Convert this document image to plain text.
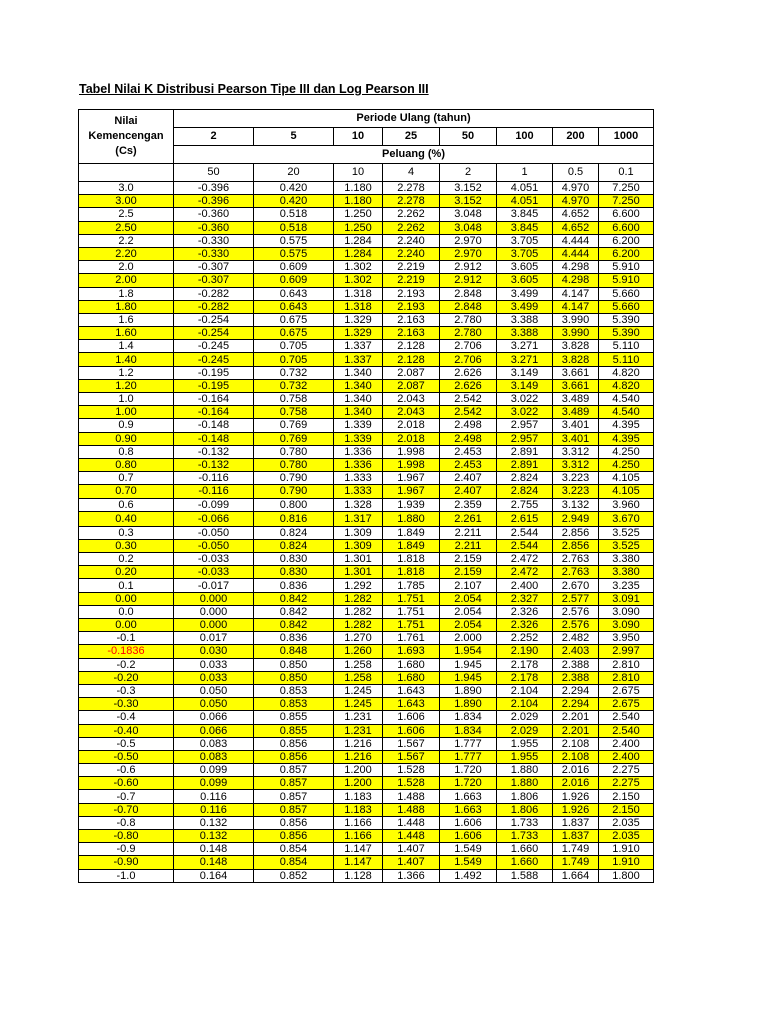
Tabel Nilai K Distribusi Pearson Tipe III dan Log Pearson III
Nilai
Kemencengan
(Cs)	Periode Ulang (tahun)							
	2	5	10	25	50	100	200	1000
	Peluang (%)							
	50	20	10	4	2	1	0.5	0.1
3.0	-0.396	0.420	1.180	2.278	3.152	4.051	4.970	7.250
3.00	-0.396	0.420	1.180	2.278	3.152	4.051	4.970	7.250
2.5	-0.360	0.518	1.250	2.262	3.048	3.845	4.652	6.600
2.50	-0.360	0.518	1.250	2.262	3.048	3.845	4.652	6.600
2.2	-0.330	0.575	1.284	2.240	2.970	3.705	4.444	6.200
2.20	-0.330	0.575	1.284	2.240	2.970	3.705	4.444	6.200
2.0	-0.307	0.609	1.302	2.219	2.912	3.605	4.298	5.910
2.00	-0.307	0.609	1.302	2.219	2.912	3.605	4.298	5.910
1.8	-0.282	0.643	1.318	2.193	2.848	3.499	4.147	5.660
1.80	-0.282	0.643	1.318	2.193	2.848	3.499	4.147	5.660
1.6	-0.254	0.675	1.329	2.163	2.780	3.388	3.990	5.390
1.60	-0.254	0.675	1.329	2.163	2.780	3.388	3.990	5.390
1.4	-0.245	0.705	1.337	2.128	2.706	3.271	3.828	5.110
1.40	-0.245	0.705	1.337	2.128	2.706	3.271	3.828	5.110
1.2	-0.195	0.732	1.340	2.087	2.626	3.149	3.661	4.820
1.20	-0.195	0.732	1.340	2.087	2.626	3.149	3.661	4.820
1.0	-0.164	0.758	1.340	2.043	2.542	3.022	3.489	4.540
1.00	-0.164	0.758	1.340	2.043	2.542	3.022	3.489	4.540
0.9	-0.148	0.769	1.339	2.018	2.498	2.957	3.401	4.395
0.90	-0.148	0.769	1.339	2.018	2.498	2.957	3.401	4.395
0.8	-0.132	0.780	1.336	1.998	2.453	2.891	3.312	4.250
0.80	-0.132	0.780	1.336	1.998	2.453	2.891	3.312	4.250
0.7	-0.116	0.790	1.333	1.967	2.407	2.824	3.223	4.105
0.70	-0.116	0.790	1.333	1.967	2.407	2.824	3.223	4.105
0.6	-0.099	0.800	1.328	1.939	2.359	2.755	3.132	3.960
0.40	-0.066	0.816	1.317	1.880	2.261	2.615	2.949	3.670
0.3	-0.050	0.824	1.309	1.849	2.211	2.544	2.856	3.525
0.30	-0.050	0.824	1.309	1.849	2.211	2.544	2.856	3.525
0.2	-0.033	0.830	1.301	1.818	2.159	2.472	2.763	3.380
0.20	-0.033	0.830	1.301	1.818	2.159	2.472	2.763	3.380
0.1	-0.017	0.836	1.292	1.785	2.107	2.400	2.670	3.235
0.00	0.000	0.842	1.282	1.751	2.054	2.327	2.577	3.091
0.0	0.000	0.842	1.282	1.751	2.054	2.326	2.576	3.090
0.00	0.000	0.842	1.282	1.751	2.054	2.326	2.576	3.090
-0.1	0.017	0.836	1.270	1.761	2.000	2.252	2.482	3.950
-0.1836	0.030	0.848	1.260	1.693	1.954	2.190	2.403	2.997
-0.2	0.033	0.850	1.258	1.680	1.945	2.178	2.388	2.810
-0.20	0.033	0.850	1.258	1.680	1.945	2.178	2.388	2.810
-0.3	0.050	0.853	1.245	1.643	1.890	2.104	2.294	2.675
-0.30	0.050	0.853	1.245	1.643	1.890	2.104	2.294	2.675
-0.4	0.066	0.855	1.231	1.606	1.834	2.029	2.201	2.540
-0.40	0.066	0.855	1.231	1.606	1.834	2.029	2.201	2.540
-0.5	0.083	0.856	1.216	1.567	1.777	1.955	2.108	2.400
-0.50	0.083	0.856	1.216	1.567	1.777	1.955	2.108	2.400
-0.6	0.099	0.857	1.200	1.528	1.720	1.880	2.016	2.275
-0.60	0.099	0.857	1.200	1.528	1.720	1.880	2.016	2.275
-0.7	0.116	0.857	1.183	1.488	1.663	1.806	1.926	2.150
-0.70	0.116	0.857	1.183	1.488	1.663	1.806	1.926	2.150
-0.8	0.132	0.856	1.166	1.448	1.606	1.733	1.837	2.035
-0.80	0.132	0.856	1.166	1.448	1.606	1.733	1.837	2.035
-0.9	0.148	0.854	1.147	1.407	1.549	1.660	1.749	1.910
-0.90	0.148	0.854	1.147	1.407	1.549	1.660	1.749	1.910
-1.0	0.164	0.852	1.128	1.366	1.492	1.588	1.664	1.800
